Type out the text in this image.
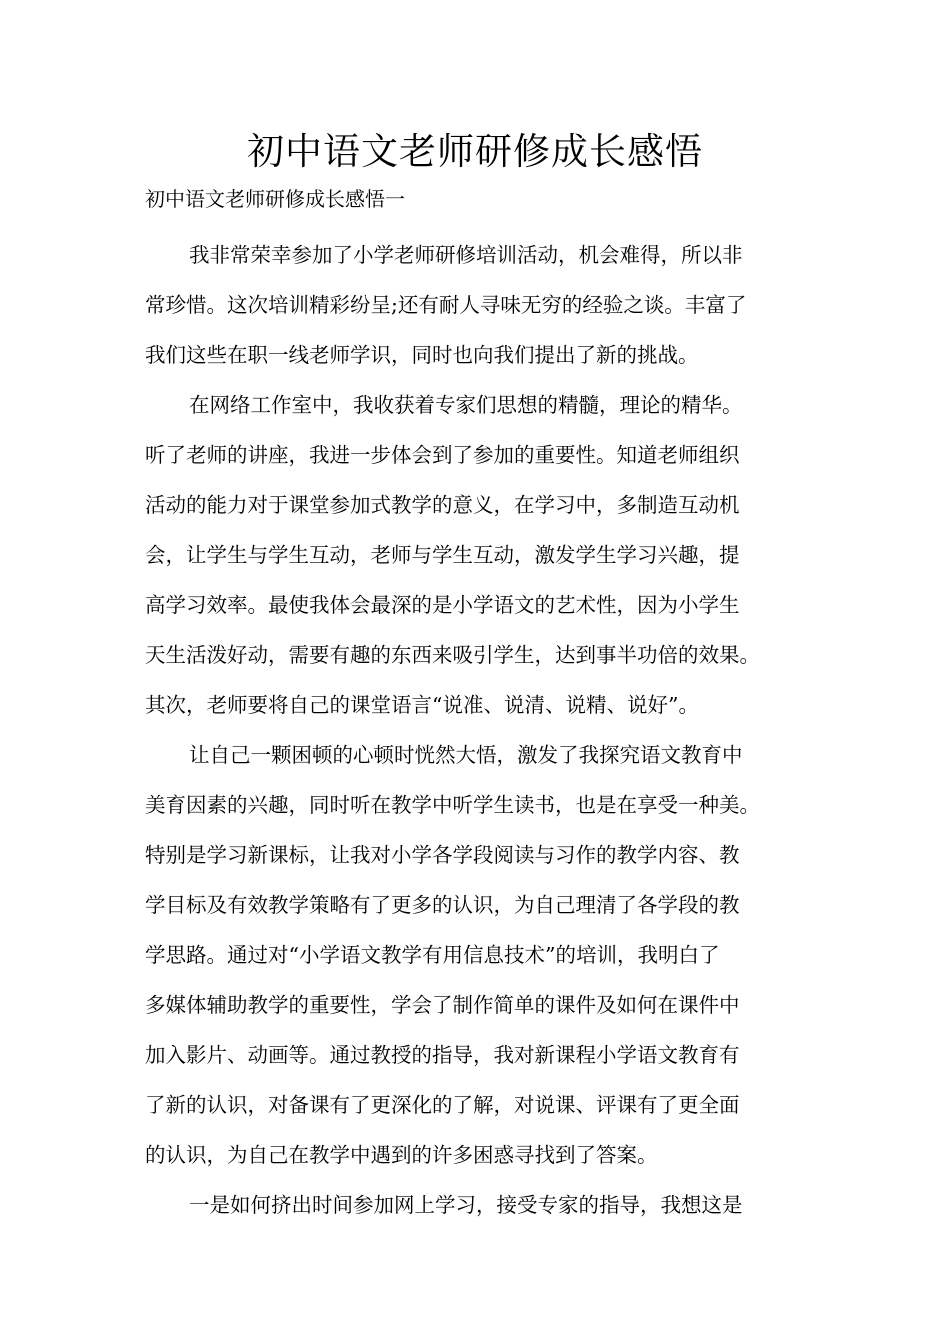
初中语文老师研修成长感悟

初中语文老师研修成长感悟一

我非常荣幸参加了小学老师研修培训活动，机会难得，所以非
常珍惜。这次培训精彩纷呈;还有耐人寻味无穷的经验之谈。丰富了
我们这些在职一线老师学识，同时也向我们提出了新的挑战。

在网络工作室中，我收获着专家们思想的精髓，理论的精华。
听了老师的讲座，我进一步体会到了参加的重要性。知道老师组织
活动的能力对于课堂参加式教学的意义，在学习中，多制造互动机
会，让学生与学生互动，老师与学生互动，激发学生学习兴趣，提
高学习效率。最使我体会最深的是小学语文的艺术性，因为小学生
天生活泼好动，需要有趣的东西来吸引学生，达到事半功倍的效果。
其次，老师要将自己的课堂语言“说准、说清、说精、说好”。

让自己一颗困顿的心顿时恍然大悟，激发了我探究语文教育中
美育因素的兴趣，同时听在教学中听学生读书，也是在享受一种美。
特别是学习新课标，让我对小学各学段阅读与习作的教学内容、教
学目标及有效教学策略有了更多的认识，为自己理清了各学段的教
学思路。通过对“小学语文教学有用信息技术”的培训，我明白了
多媒体辅助教学的重要性，学会了制作简单的课件及如何在课件中
加入影片、动画等。通过教授的指导，我对新课程小学语文教育有
了新的认识，对备课有了更深化的了解，对说课、评课有了更全面
的认识，为自己在教学中遇到的许多困惑寻找到了答案。

一是如何挤出时间参加网上学习，接受专家的指导，我想这是
